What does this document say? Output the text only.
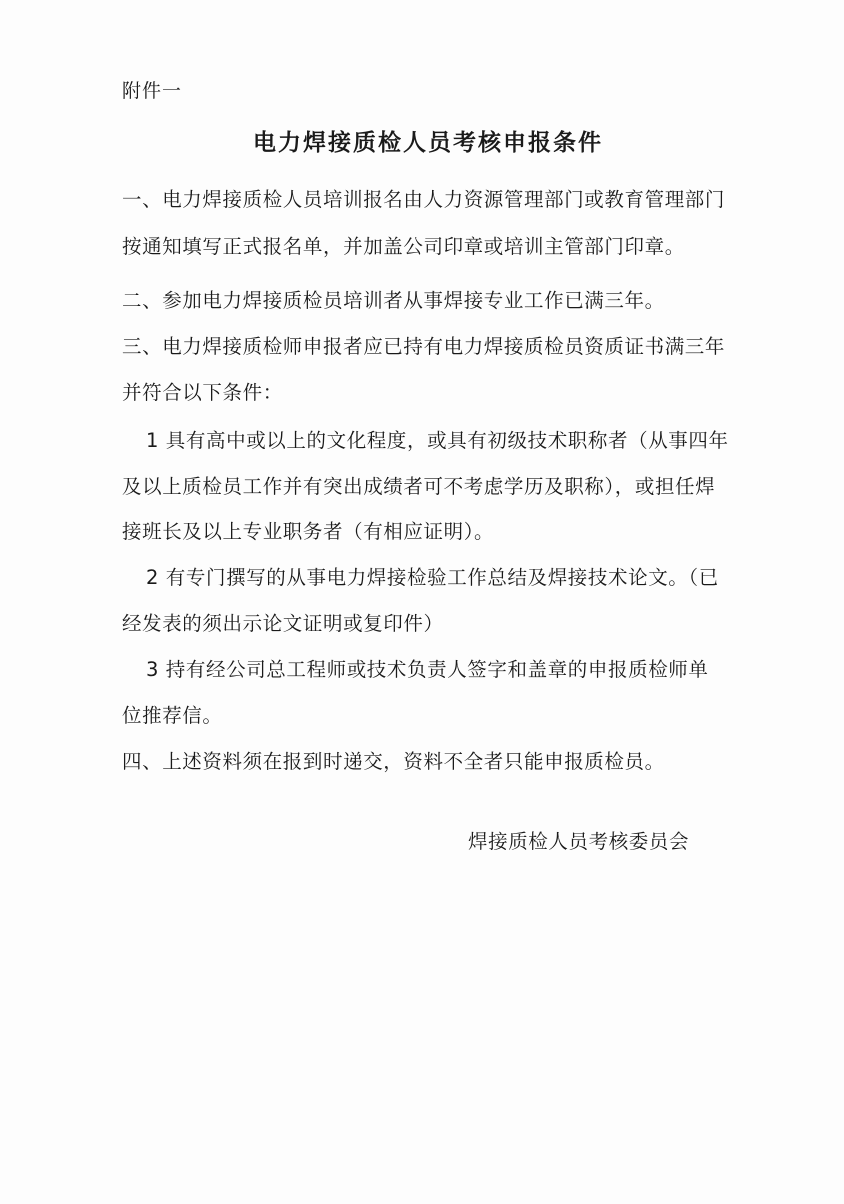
附件一
电力焊接质检人员考核申报条件
一、电力焊接质检人员培训报名由人力资源管理部门或教育管理部门
按通知填写正式报名单，并加盖公司印章或培训主管部门印章。
二、参加电力焊接质检员培训者从事焊接专业工作已满三年。
三、电力焊接质检师申报者应已持有电力焊接质检员资质证书满三年
并符合以下条件：
1 具有高中或以上的文化程度，或具有初级技术职称者（从事四年
及以上质检员工作并有突出成绩者可不考虑学历及职称），或担任焊
接班长及以上专业职务者（有相应证明）。
2 有专门撰写的从事电力焊接检验工作总结及焊接技术论文。（已
经发表的须出示论文证明或复印件）
3 持有经公司总工程师或技术负责人签字和盖章的申报质检师单
位推荐信。
四、上述资料须在报到时递交，资料不全者只能申报质检员。
焊接质检人员考核委员会
